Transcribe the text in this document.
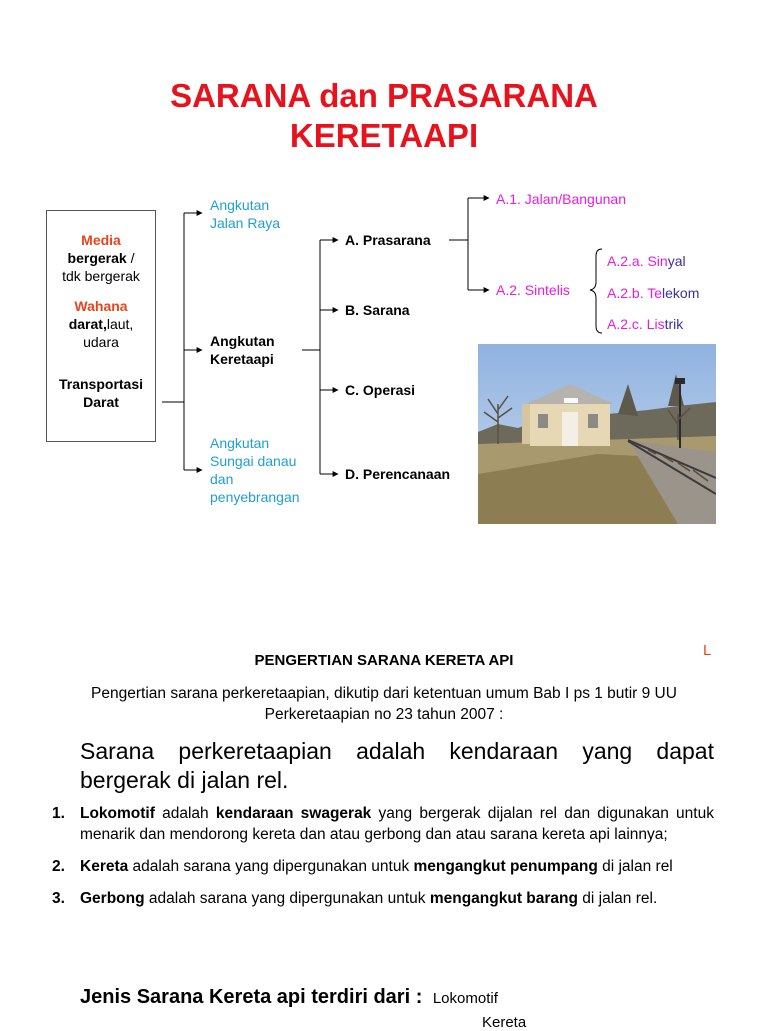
SARANA dan PRASARANA
KERETAAPI
Media
bergerak /
tdk bergerak
Wahana
darat,laut,
udara
Transportasi
Darat
Angkutan
Jalan Raya
Angkutan
Keretaapi
Angkutan
Sungai danau
dan
penyebrangan
A. Prasarana
B. Sarana
C. Operasi
D. Perencanaan
A.1. Jalan/Bangunan
A.2. Sintelis
A.2.a. Sinyal
A.2.b. Telekom
A.2.c. Listrik
L
PENGERTIAN SARANA KERETA API
Pengertian sarana perkeretaapian, dikutip dari ketentuan umum Bab I ps 1 butir 9 UU
Perkeretaapian no 23 tahun 2007 :
Sarana perkeretaapian adalah kendaraan yang dapat bergerak di jalan rel.
1. Lokomotif adalah kendaraan swagerak yang bergerak dijalan rel dan digunakan untuk menarik dan mendorong kereta dan atau gerbong dan atau sarana kereta api lainnya;
2. Kereta adalah sarana yang dipergunakan untuk mengangkut penumpang di jalan rel
3. Gerbong adalah sarana yang dipergunakan untuk mengangkut barang di jalan rel.
Jenis Sarana Kereta api terdiri dari : Lokomotif
Kereta
